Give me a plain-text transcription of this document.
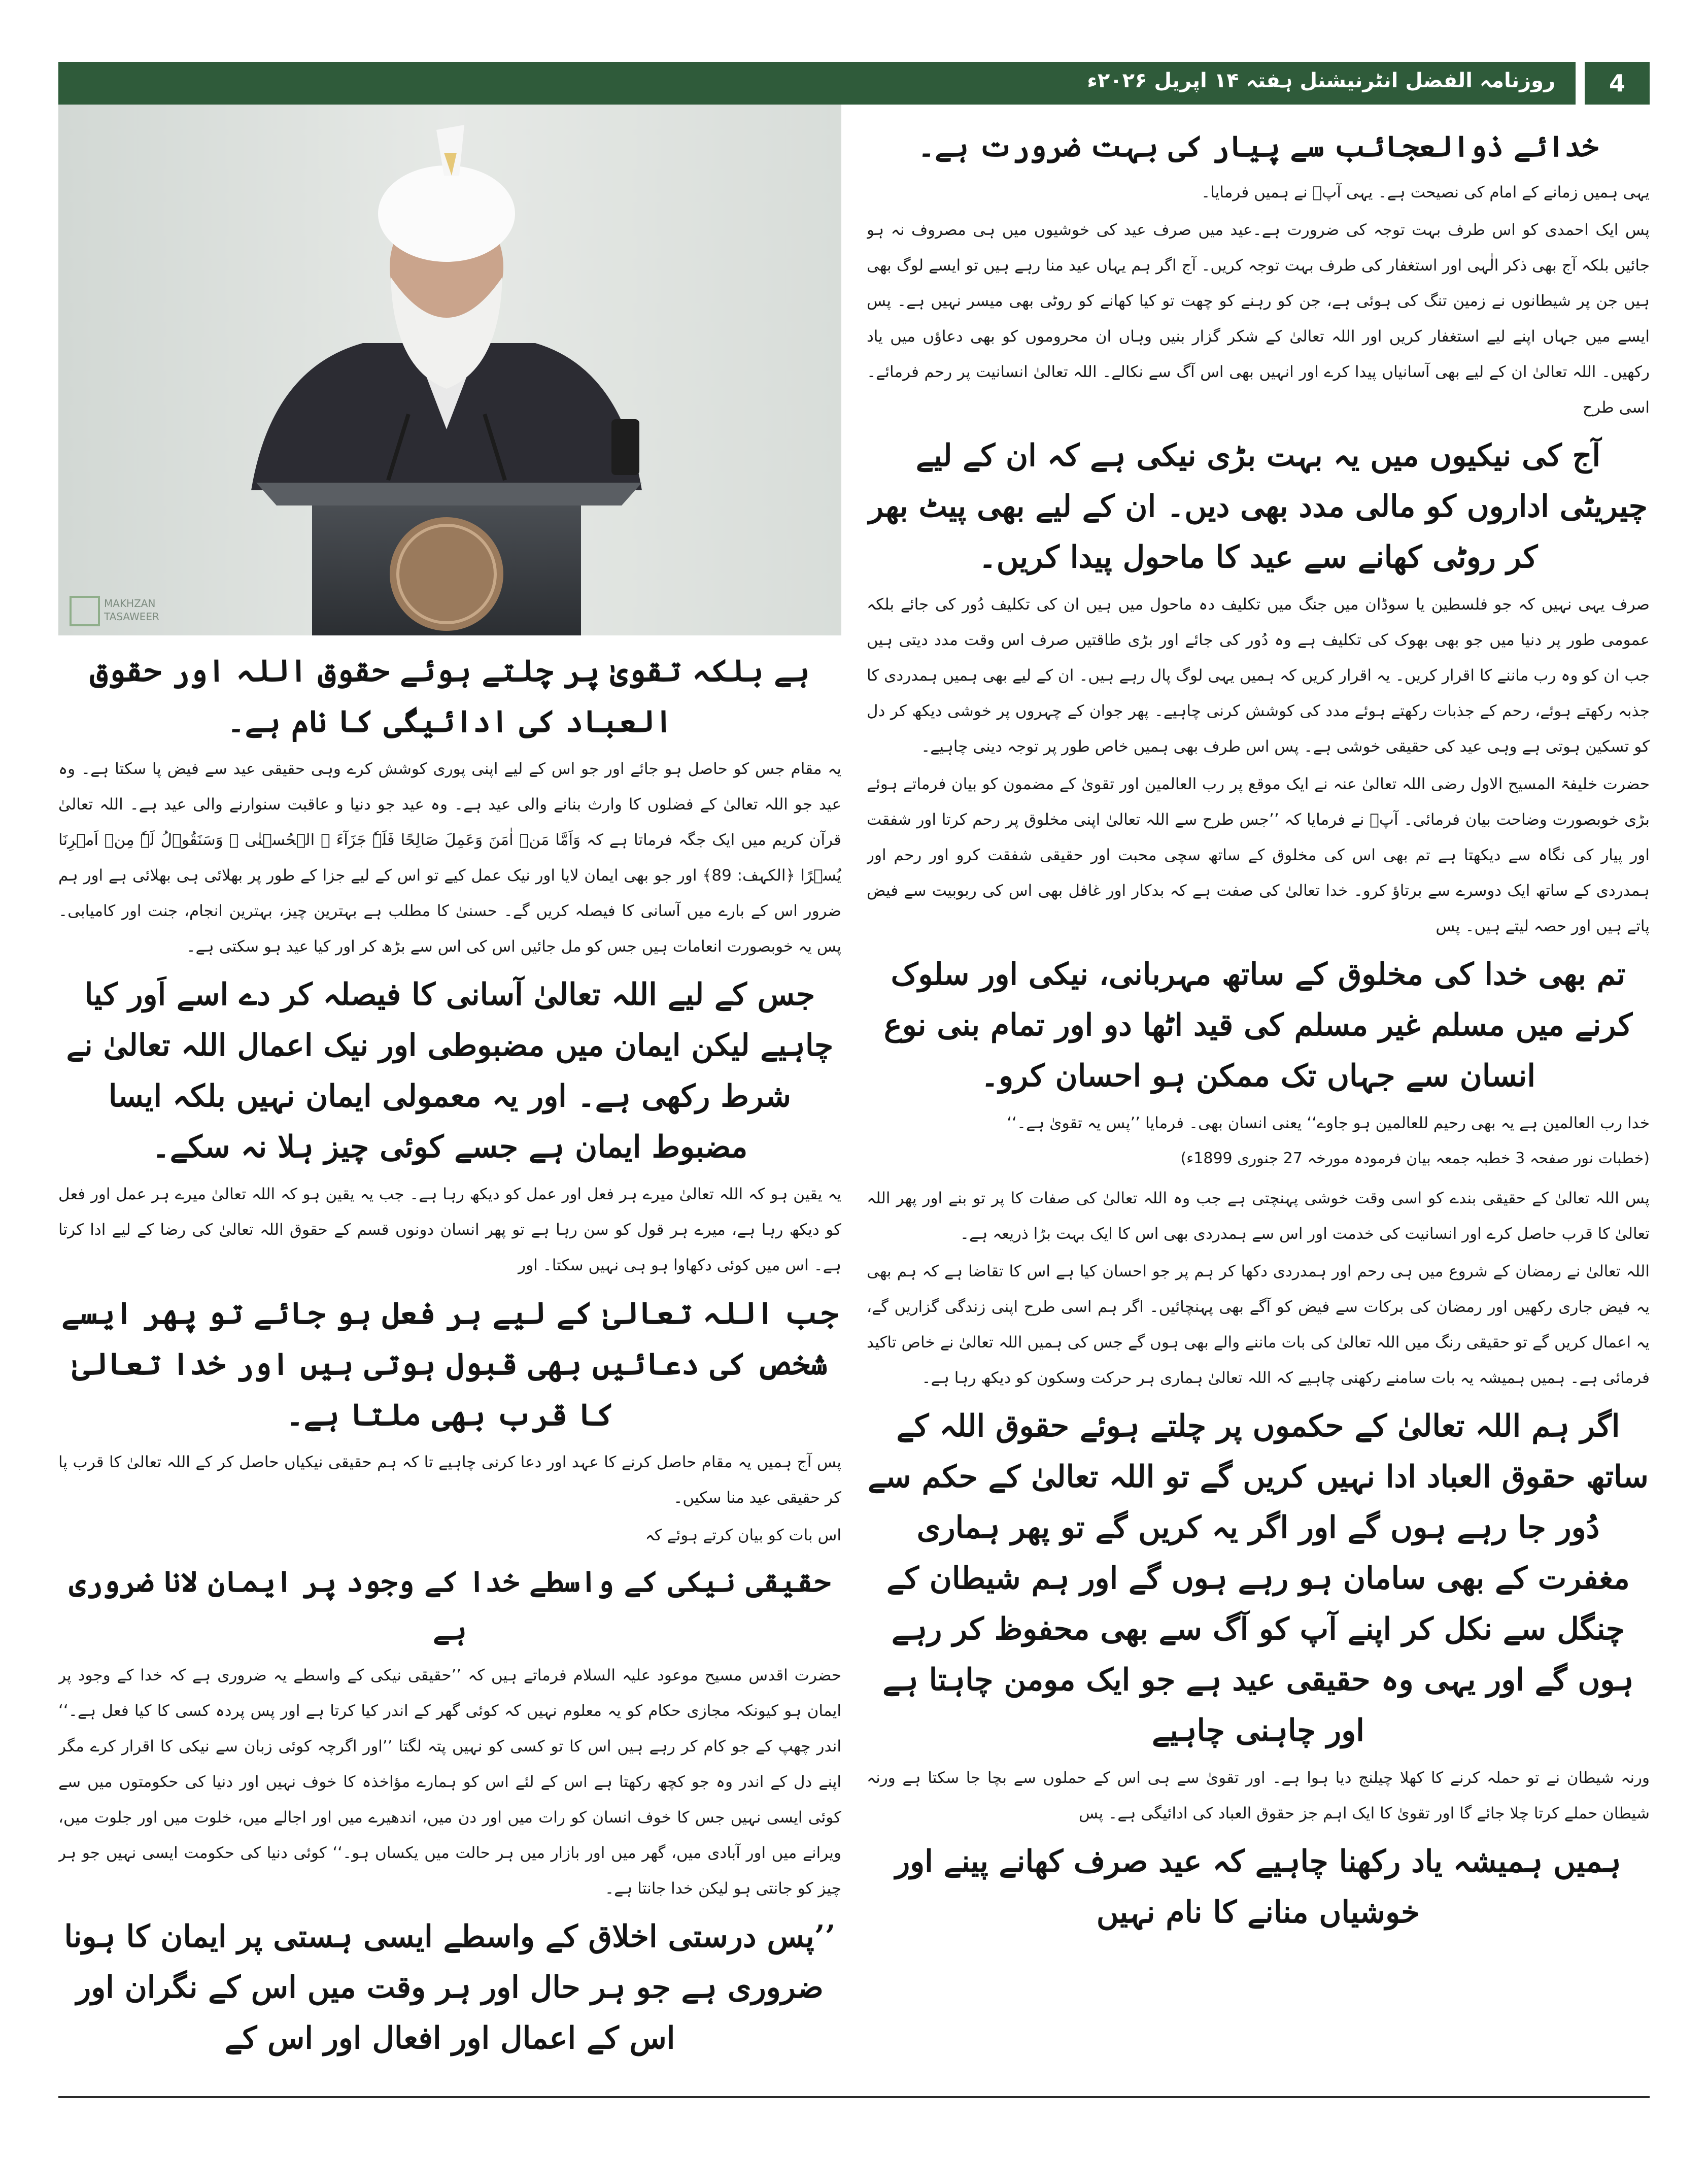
روزنامہ الفضل انٹرنیشنل ہفتہ ۱۴ اپریل ۲۰۲۶ء	4
MAKHZAN
TASAWEER
خدائے ذوالعجائب سے پیار کی بہت ضرورت ہے۔

یہی ہمیں زمانے کے امام کی نصیحت ہے۔ یہی آپؑ نے ہمیں فرمایا۔

پس ایک احمدی کو اس طرف بہت توجہ کی ضرورت ہے۔عید میں صرف عید کی خوشیوں میں ہی مصروف نہ ہو جائیں بلکہ آج بھی ذکر الٰہی اور استغفار کی طرف بہت توجہ کریں۔ آج اگر ہم یہاں عید منا رہے ہیں تو ایسے لوگ بھی ہیں جن پر شیطانوں نے زمین تنگ کی ہوئی ہے، جن کو رہنے کو چھت تو کیا کھانے کو روٹی بھی میسر نہیں ہے۔ پس ایسے میں جہاں اپنے لیے استغفار کریں اور اللہ تعالیٰ کے شکر گزار بنیں وہاں ان محروموں کو بھی دعاؤں میں یاد رکھیں۔ اللہ تعالیٰ ان کے لیے بھی آسانیاں پیدا کرے اور انہیں بھی اس آگ سے نکالے۔ اللہ تعالیٰ انسانیت پر رحم فرمائے۔ اسی طرح

آج کی نیکیوں میں یہ بہت بڑی نیکی ہے کہ ان کے لیے چیریٹی اداروں کو مالی مدد بھی دیں۔ ان کے لیے بھی پیٹ بھر کر روٹی کھانے سے عید کا ماحول پیدا کریں۔

صرف یہی نہیں کہ جو فلسطین یا سوڈان میں جنگ میں تکلیف دہ ماحول میں ہیں ان کی تکلیف دُور کی جائے بلکہ عمومی طور پر دنیا میں جو بھی بھوک کی تکلیف ہے وہ دُور کی جائے اور بڑی طاقتیں صرف اس وقت مدد دیتی ہیں جب ان کو وہ رب ماننے کا اقرار کریں۔ یہ اقرار کریں کہ ہمیں یہی لوگ پال رہے ہیں۔ ان کے لیے بھی ہمیں ہمدردی کا جذبہ رکھتے ہوئے، رحم کے جذبات رکھتے ہوئے مدد کی کوشش کرنی چاہیے۔ پھر جوان کے چہروں پر خوشی دیکھ کر دل کو تسکین ہوتی ہے وہی عید کی حقیقی خوشی ہے۔ پس اس طرف بھی ہمیں خاص طور پر توجہ دینی چاہیے۔

حضرت خلیفۃ المسیح الاول رضی اللہ تعالیٰ عنہ نے ایک موقع پر رب العالمین اور تقویٰ کے مضمون کو بیان فرماتے ہوئے بڑی خوبصورت وضاحت بیان فرمائی۔ آپؓ نے فرمایا کہ ’’جس طرح سے اللہ تعالیٰ اپنی مخلوق پر رحم کرتا اور شفقت اور پیار کی نگاہ سے دیکھتا ہے تم بھی اس کی مخلوق کے ساتھ سچی محبت اور حقیقی شفقت کرو اور رحم اور ہمدردی کے ساتھ ایک دوسرے سے برتاؤ کرو۔ خدا تعالیٰ کی صفت ہے کہ بدکار اور غافل بھی اس کی ربوبیت سے فیض پاتے ہیں اور حصہ لیتے ہیں۔ پس

تم بھی خدا کی مخلوق کے ساتھ مہربانی، نیکی اور سلوک کرنے میں مسلم غیر مسلم کی قید اٹھا دو اور تمام بنی نوع انسان سے جہاں تک ممکن ہو احسان کرو۔

خدا رب العالمین ہے یہ بھی رحیم للعالمین ہو جاوے‘‘ یعنی انسان بھی۔ فرمایا ’’پس یہ تقویٰ ہے۔‘‘

(خطبات نور صفحہ 3 خطبہ جمعہ بیان فرمودہ مورخہ 27 جنوری 1899ء)

پس اللہ تعالیٰ کے حقیقی بندے کو اسی وقت خوشی پہنچتی ہے جب وہ اللہ تعالیٰ کی صفات کا پر تو بنے اور پھر اللہ تعالیٰ کا قرب حاصل کرے اور انسانیت کی خدمت اور اس سے ہمدردی بھی اس کا ایک بہت بڑا ذریعہ ہے۔

اللہ تعالیٰ نے رمضان کے شروع میں ہی رحم اور ہمدردی دکھا کر ہم پر جو احسان کیا ہے اس کا تقاضا ہے کہ ہم بھی یہ فیض جاری رکھیں اور رمضان کی برکات سے فیض کو آگے بھی پہنچائیں۔ اگر ہم اسی طرح اپنی زندگی گزاریں گے، یہ اعمال کریں گے تو حقیقی رنگ میں اللہ تعالیٰ کی بات ماننے والے بھی ہوں گے جس کی ہمیں اللہ تعالیٰ نے خاص تاکید فرمائی ہے۔ ہمیں ہمیشہ یہ بات سامنے رکھنی چاہیے کہ اللہ تعالیٰ ہماری ہر حرکت وسکون کو دیکھ رہا ہے۔

اگر ہم اللہ تعالیٰ کے حکموں پر چلتے ہوئے حقوق اللہ کے ساتھ حقوق العباد ادا نہیں کریں گے تو اللہ تعالیٰ کے حکم سے دُور جا رہے ہوں گے اور اگر یہ کریں گے تو پھر ہماری مغفرت کے بھی سامان ہو رہے ہوں گے اور ہم شیطان کے چنگل سے نکل کر اپنے آپ کو آگ سے بھی محفوظ کر رہے ہوں گے اور یہی وہ حقیقی عید ہے جو ایک مومن چاہتا ہے اور چاہنی چاہیے

ورنہ شیطان نے تو حملہ کرنے کا کھلا چیلنج دیا ہوا ہے۔ اور تقویٰ سے ہی اس کے حملوں سے بچا جا سکتا ہے ورنہ شیطان حملے کرتا چلا جائے گا اور تقویٰ کا ایک اہم جز حقوق العباد کی ادائیگی ہے۔ پس

ہمیں ہمیشہ یاد رکھنا چاہیے کہ عید صرف کھانے پینے اور خوشیاں منانے کا نام نہیں
ہے بلکہ تقویٰ پر چلتے ہوئے حقوق اللہ اور حقوق العباد کی ادائیگی کا نام ہے۔

یہ مقام جس کو حاصل ہو جائے اور جو اس کے لیے اپنی پوری کوشش کرے وہی حقیقی عید سے فیض پا سکتا ہے۔ وہ عید جو اللہ تعالیٰ کے فضلوں کا وارث بنانے والی عید ہے۔ وہ عید جو دنیا و عاقبت سنوارنے والی عید ہے۔ اللہ تعالیٰ قرآن کریم میں ایک جگہ فرماتا ہے کہ وَاَمَّا مَنۡ اٰمَنَ وَعَمِلَ صَالِحًا فَلَہٗ جَزَآءَ ۣ الۡحُسۡنٰی ۚ وَسَنَقُوۡلُ لَہٗ مِنۡ اَمۡرِنَا یُسۡرًا ﴿الکہف: 89﴾ اور جو بھی ایمان لایا اور نیک عمل کیے تو اس کے لیے جزا کے طور پر بھلائی ہی بھلائی ہے اور ہم ضرور اس کے بارے میں آسانی کا فیصلہ کریں گے۔ حسنیٰ کا مطلب ہے بہترین چیز، بہترین انجام، جنت اور کامیابی۔ پس یہ خوبصورت انعامات ہیں جس کو مل جائیں اس کی اس سے بڑھ کر اور کیا عید ہو سکتی ہے۔

جس کے لیے اللہ تعالیٰ آسانی کا فیصلہ کر دے اسے اَور کیا چاہیے لیکن ایمان میں مضبوطی اور نیک اعمال اللہ تعالیٰ نے شرط رکھی ہے۔ اور یہ معمولی ایمان نہیں بلکہ ایسا مضبوط ایمان ہے جسے کوئی چیز ہلا نہ سکے۔

یہ یقین ہو کہ اللہ تعالیٰ میرے ہر فعل اور عمل کو دیکھ رہا ہے۔ جب یہ یقین ہو کہ اللہ تعالیٰ میرے ہر عمل اور فعل کو دیکھ رہا ہے، میرے ہر قول کو سن رہا ہے تو پھر انسان دونوں قسم کے حقوق اللہ تعالیٰ کی رضا کے لیے ادا کرتا ہے۔ اس میں کوئی دکھاوا ہو ہی نہیں سکتا۔ اور

جب اللہ تعالیٰ کے لیے ہر فعل ہو جائے تو پھر ایسے شخص کی دعائیں بھی قبول ہوتی ہیں اور خدا تعالیٰ کا قرب بھی ملتا ہے۔

پس آج ہمیں یہ مقام حاصل کرنے کا عہد اور دعا کرنی چاہیے تا کہ ہم حقیقی نیکیاں حاصل کر کے اللہ تعالیٰ کا قرب پا کر حقیقی عید منا سکیں۔

اس بات کو بیان کرتے ہوئے کہ

حقیقی نیکی کے واسطے خدا کے وجود پر ایمان لانا ضروری ہے

حضرت اقدس مسیح موعود علیہ السلام فرماتے ہیں کہ ’’حقیقی نیکی کے واسطے یہ ضروری ہے کہ خدا کے وجود پر ایمان ہو کیونکہ مجازی حکام کو یہ معلوم نہیں کہ کوئی گھر کے اندر کیا کرتا ہے اور پس پردہ کسی کا کیا فعل ہے۔‘‘ اندر چھپ کے جو کام کر رہے ہیں اس کا تو کسی کو نہیں پتہ لگتا ’’اور اگرچہ کوئی زبان سے نیکی کا اقرار کرے مگر اپنے دل کے اندر وہ جو کچھ رکھتا ہے اس کے لئے اس کو ہمارے مؤاخذہ کا خوف نہیں اور دنیا کی حکومتوں میں سے کوئی ایسی نہیں جس کا خوف انسان کو رات میں اور دن میں، اندھیرے میں اور اجالے میں، خلوت میں اور جلوت میں، ویرانے میں اور آبادی میں، گھر میں اور بازار میں ہر حالت میں یکساں ہو۔‘‘ کوئی دنیا کی حکومت ایسی نہیں جو ہر چیز کو جانتی ہو لیکن خدا جانتا ہے۔

’’پس درستی اخلاق کے واسطے ایسی ہستی پر ایمان کا ہونا ضروری ہے جو ہر حال اور ہر وقت میں اس کے نگران اور اس کے اعمال اور افعال اور اس کے
